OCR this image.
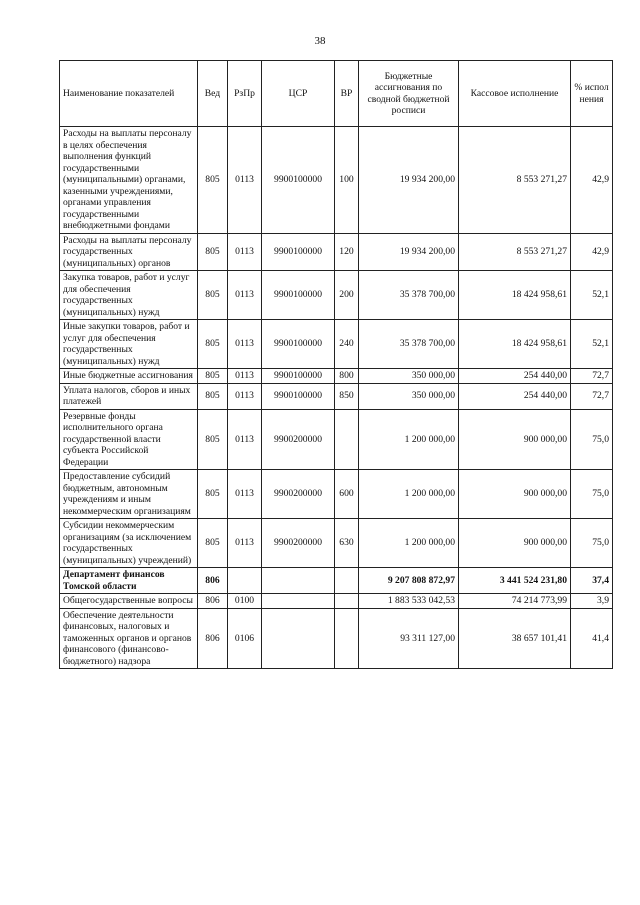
38
Наименование показателей	Вед	РзПр	ЦСР	ВР	Бюджетные ассигнования по сводной бюджетной росписи	Кассовое исполнение	% испол нения
Расходы на выплаты персоналу в целях обеспечения выполнения функций государственными (муниципальными) органами, казенными учреждениями, органами управления государственными внебюджетными фондами	805	0113	9900100000	100	19 934 200,00	8 553 271,27	42,9
Расходы на выплаты персоналу государственных (муниципальных) органов	805	0113	9900100000	120	19 934 200,00	8 553 271,27	42,9
Закупка товаров, работ и услуг для обеспечения государственных (муниципальных) нужд	805	0113	9900100000	200	35 378 700,00	18 424 958,61	52,1
Иные закупки товаров, работ и услуг для обеспечения государственных (муниципальных) нужд	805	0113	9900100000	240	35 378 700,00	18 424 958,61	52,1
Иные бюджетные ассигнования	805	0113	9900100000	800	350 000,00	254 440,00	72,7
Уплата налогов, сборов и иных платежей	805	0113	9900100000	850	350 000,00	254 440,00	72,7
Резервные фонды исполнительного органа государственной власти субъекта Российской Федерации	805	0113	9900200000		1 200 000,00	900 000,00	75,0
Предоставление субсидий бюджетным, автономным учреждениям и иным некоммерческим организациям	805	0113	9900200000	600	1 200 000,00	900 000,00	75,0
Субсидии некоммерческим организациям (за исключением государственных (муниципальных) учреждений)	805	0113	9900200000	630	1 200 000,00	900 000,00	75,0
Департамент финансов Томской области	806				9 207 808 872,97	3 441 524 231,80	37,4
Общегосударственные вопросы	806	0100			1 883 533 042,53	74 214 773,99	3,9
Обеспечение деятельности финансовых, налоговых и таможенных органов и органов финансового (финансово-бюджетного) надзора	806	0106			93 311 127,00	38 657 101,41	41,4
